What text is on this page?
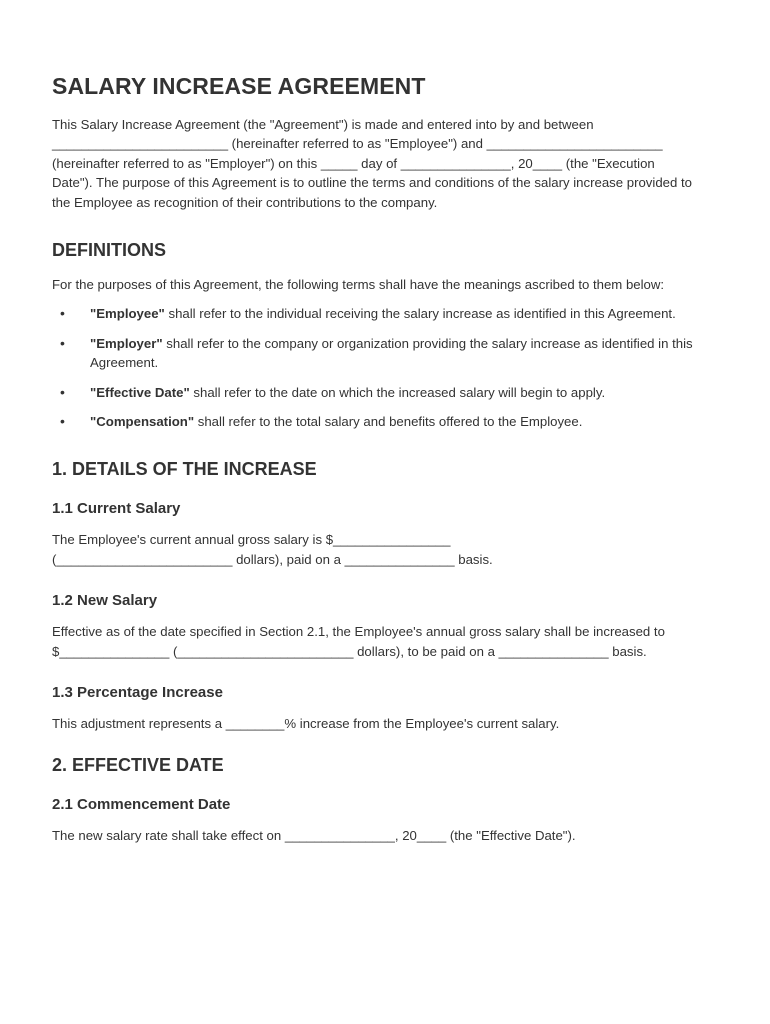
SALARY INCREASE AGREEMENT

This Salary Increase Agreement (the "Agreement") is made and entered into by and between ________________________ (hereinafter referred to as "Employee") and ________________________ (hereinafter referred to as "Employer") on this _____ day of _______________, 20____ (the "Execution Date"). The purpose of this Agreement is to outline the terms and conditions of the salary increase provided to the Employee as recognition of their contributions to the company.

DEFINITIONS

For the purposes of this Agreement, the following terms shall have the meanings ascribed to them below:

• "Employee" shall refer to the individual receiving the salary increase as identified in this Agreement.
• "Employer" shall refer to the company or organization providing the salary increase as identified in this Agreement.
• "Effective Date" shall refer to the date on which the increased salary will begin to apply.
• "Compensation" shall refer to the total salary and benefits offered to the Employee.
1. DETAILS OF THE INCREASE
1.1 Current Salary

The Employee's current annual gross salary is $________________ (________________________ dollars), paid on a _______________ basis.

1.2 New Salary

Effective as of the date specified in Section 2.1, the Employee's annual gross salary shall be increased to $_______________ (________________________ dollars), to be paid on a _______________ basis.

1.3 Percentage Increase

This adjustment represents a ________% increase from the Employee's current salary.

2. EFFECTIVE DATE
2.1 Commencement Date

The new salary rate shall take effect on _______________, 20____ (the "Effective Date").
